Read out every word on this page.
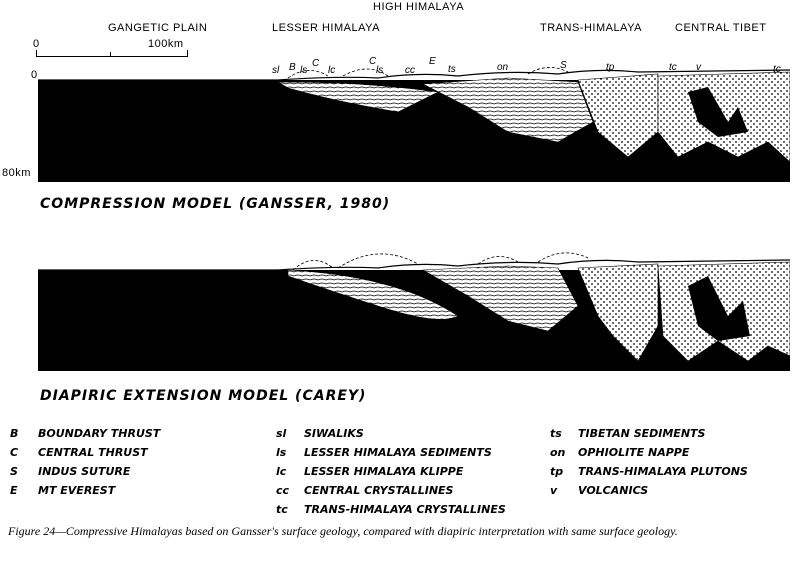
HIGH HIMALAYA
GANGETIC PLAIN	LESSER HIMALAYA	TRANS-HIMALAYA	CENTRAL TIBET
0	100km
0
80km
sl B ls
C
lc
C
ls cc
E
ts	on	S	tp	tc v	tc
COMPRESSION MODEL (GANSSER, 1980)
DIAPIRIC EXTENSION MODEL (CAREY)
B BOUNDARY THRUST
C CENTRAL THRUST
S INDUS SUTURE
E MT EVEREST
sl SIWALIKS
ls LESSER HIMALAYA SEDIMENTS
lc LESSER HIMALAYA KLIPPE
cc CENTRAL CRYSTALLINES
tc TRANS-HIMALAYA CRYSTALLINES
ts TIBETAN SEDIMENTS
on OPHIOLITE NAPPE
tp TRANS-HIMALAYA PLUTONS
v VOLCANICS
Figure 24—Compressive Himalayas based on Gansser's surface geology, compared with diapiric interpretation with same surface geology.
